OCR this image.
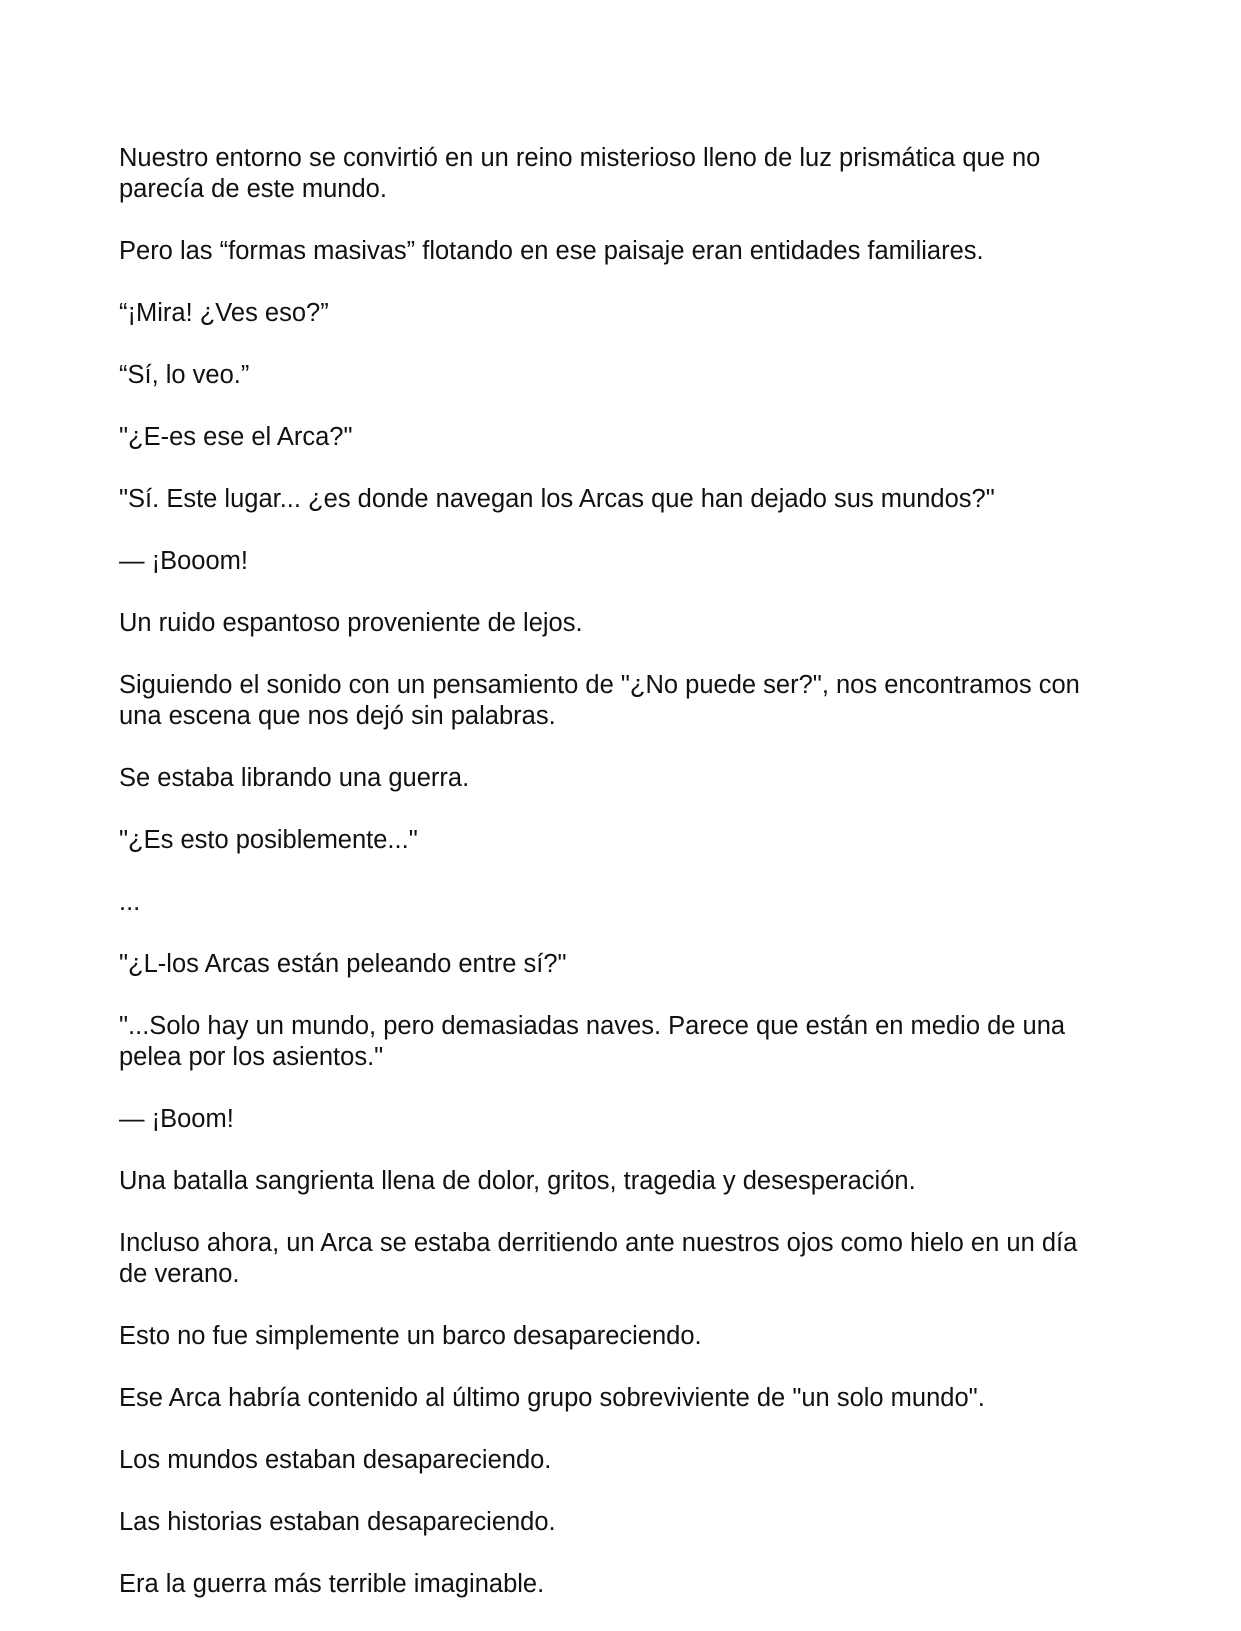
Nuestro entorno se convirtió en un reino misterioso lleno de luz prismática que no parecía de este mundo.

Pero las “formas masivas” flotando en ese paisaje eran entidades familiares.

“¡Mira! ¿Ves eso?”

“Sí, lo veo.”

"¿E-es ese el Arca?"

"Sí. Este lugar... ¿es donde navegan los Arcas que han dejado sus mundos?"

— ¡Booom!

Un ruido espantoso proveniente de lejos.

Siguiendo el sonido con un pensamiento de "¿No puede ser?", nos encontramos con una escena que nos dejó sin palabras.

Se estaba librando una guerra.

"¿Es esto posiblemente..."

...

"¿L-los Arcas están peleando entre sí?"

"...Solo hay un mundo, pero demasiadas naves. Parece que están en medio de una pelea por los asientos."

— ¡Boom!

Una batalla sangrienta llena de dolor, gritos, tragedia y desesperación.

Incluso ahora, un Arca se estaba derritiendo ante nuestros ojos como hielo en un día de verano.

Esto no fue simplemente un barco desapareciendo.

Ese Arca habría contenido al último grupo sobreviviente de "un solo mundo".

Los mundos estaban desapareciendo.

Las historias estaban desapareciendo.

Era la guerra más terrible imaginable.
